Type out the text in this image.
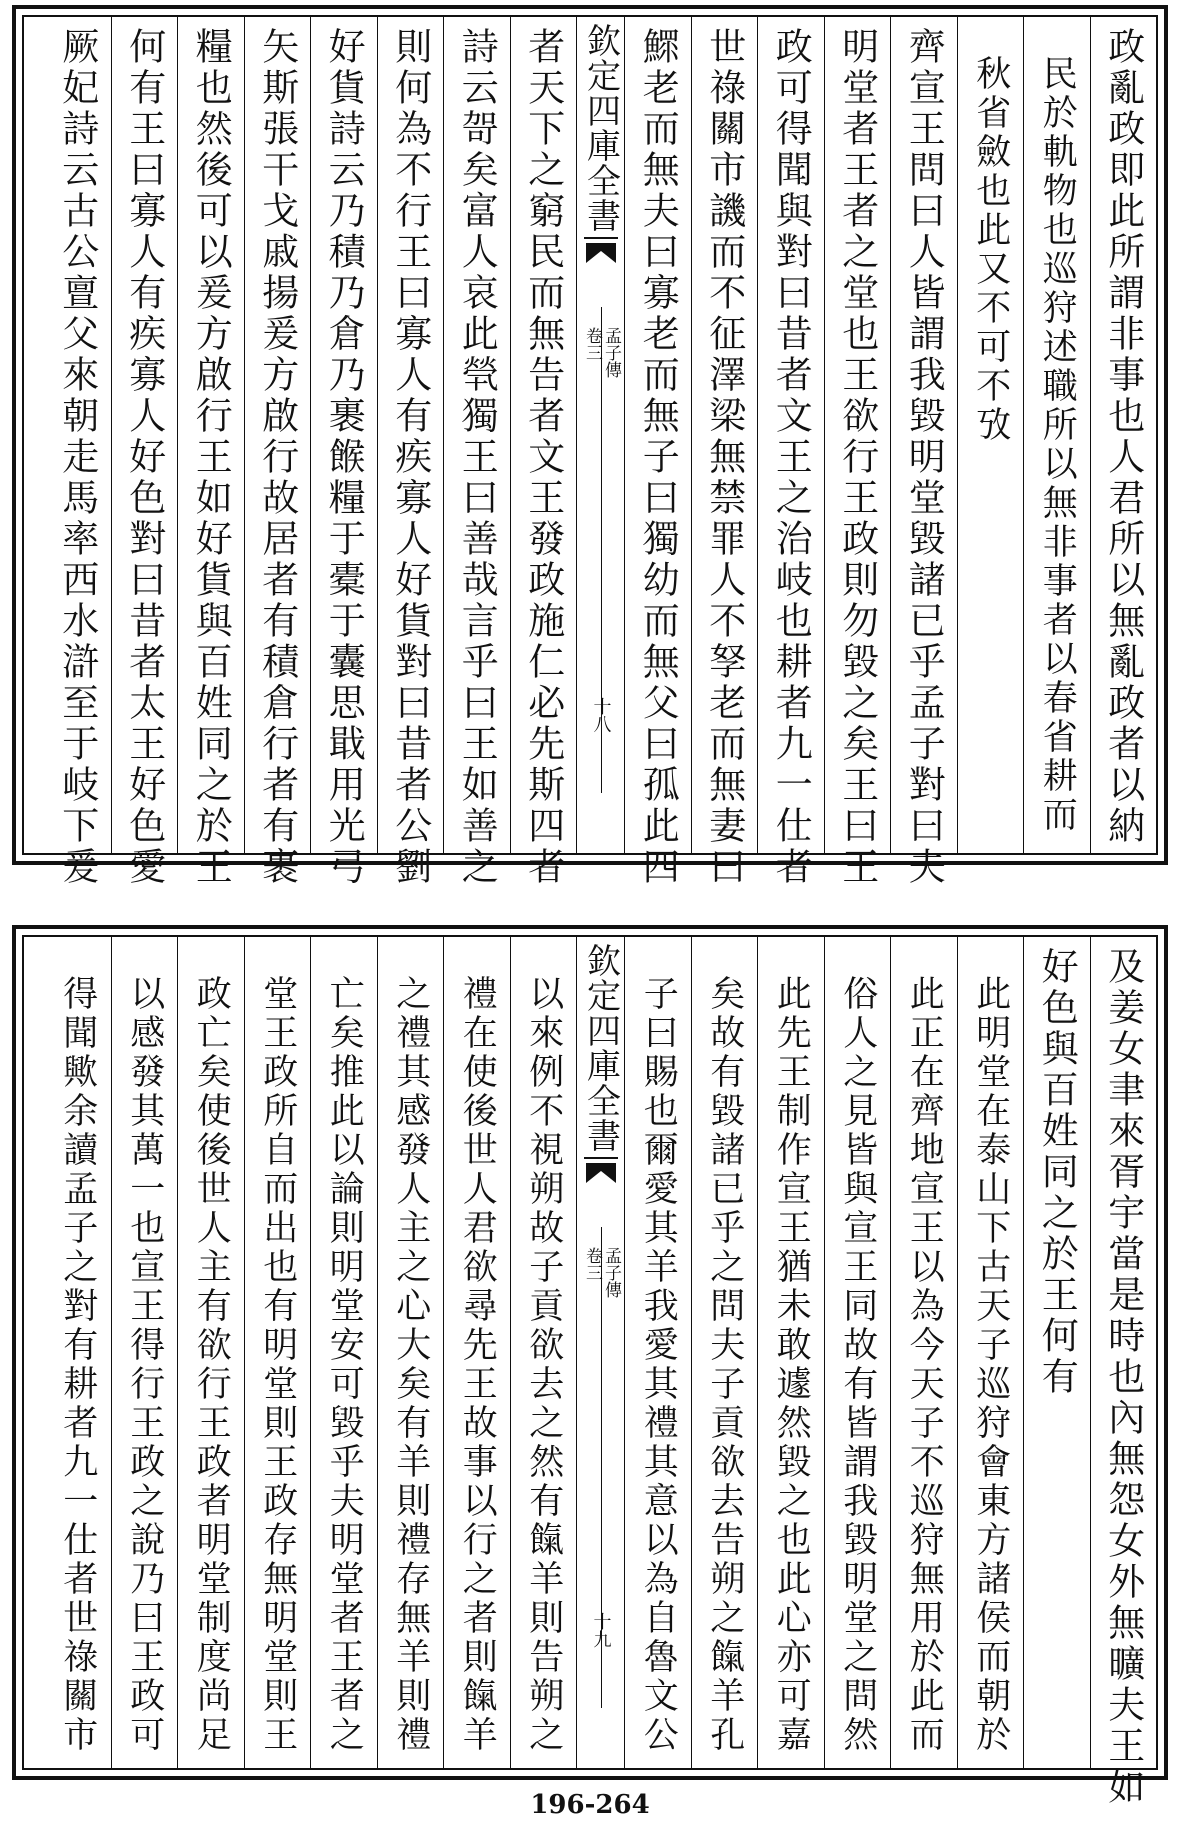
政亂政即此所謂非事也人君所以無亂政者以納
民於軌物也巡狩述職所以無非事者以春省耕而
秋省斂也此又不可不攷
齊宣王問曰人皆謂我毀明堂毀諸已乎孟子對曰夫
明堂者王者之堂也王欲行王政則勿毀之矣王曰王
政可得聞與對曰昔者文王之治岐也耕者九一仕者
世祿關市譏而不征澤梁無禁罪人不孥老而無妻曰
鰥老而無夫曰寡老而無子曰獨幼而無父曰孤此四
欽定四庫全書
孟子傳
卷三
十八
者天下之窮民而無告者文王發政施仁必先斯四者
詩云哿矣富人哀此煢獨王曰善哉言乎曰王如善之
則何為不行王曰寡人有疾寡人好貨對曰昔者公劉
好貨詩云乃積乃倉乃裹餱糧于橐于囊思戢用光弓
矢斯張干戈戚揚爰方啟行故居者有積倉行者有裹
糧也然後可以爰方啟行王如好貨與百姓同之於王
何有王曰寡人有疾寡人好色對曰昔者太王好色愛
厥妃詩云古公亶父來朝走馬率西水滸至于岐下爰
及姜女聿來胥宇當是時也內無怨女外無曠夫王如
好色與百姓同之於王何有
此明堂在泰山下古天子巡狩會東方諸侯而朝於
此正在齊地宣王以為今天子不巡狩無用於此而
俗人之見皆與宣王同故有皆謂我毀明堂之問然
此先王制作宣王猶未敢遽然毀之也此心亦可嘉
矣故有毀諸已乎之問夫子貢欲去告朔之餼羊孔
子曰賜也爾愛其羊我愛其禮其意以為自魯文公
欽定四庫全書
孟子傳
卷三
十九
以來例不視朔故子貢欲去之然有餼羊則告朔之
禮在使後世人君欲尋先王故事以行之者則餼羊
之禮其感發人主之心大矣有羊則禮存無羊則禮
亡矣推此以論則明堂安可毀乎夫明堂者王者之
堂王政所自而出也有明堂則王政存無明堂則王
政亡矣使後世人主有欲行王政者明堂制度尚足
以感發其萬一也宣王得行王政之說乃曰王政可
得聞歟余讀孟子之對有耕者九一仕者世祿關市
196-264
